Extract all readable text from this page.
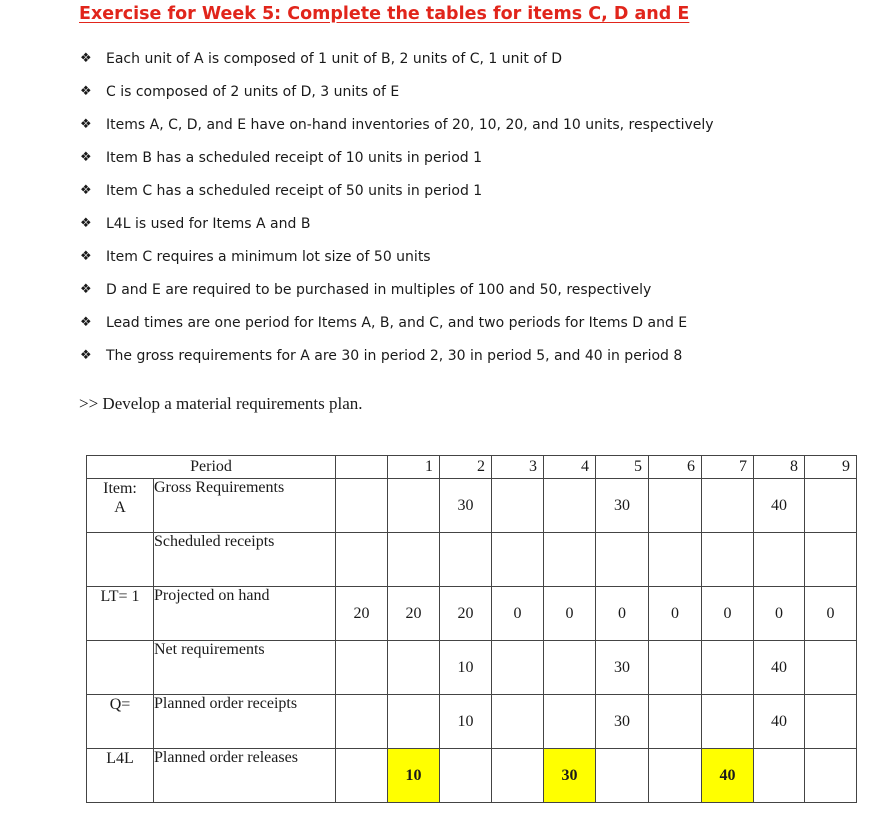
Exercise for Week 5: Complete the tables for items C, D and E
❖	Each unit of A is composed of 1 unit of B, 2 units of C, 1 unit of D
❖	C is composed of 2 units of D, 3 units of E
❖	Items A, C, D, and E have on-hand inventories of 20, 10, 20, and 10 units, respectively
❖	Item B has a scheduled receipt of 10 units in period 1
❖	Item C has a scheduled receipt of 50 units in period 1
❖	L4L is used for Items A and B
❖	Item C requires a minimum lot size of 50 units
❖	D and E are required to be purchased in multiples of 100 and 50, respectively
❖	Lead times are one period for Items A, B, and C, and two periods for Items D and E
❖	The gross requirements for A are 30 in period 2, 30 in period 5, and 40 in period 8
>> Develop a material requirements plan.
Period			1	2	3	4	5	6	7	8	9

Item:
A	Gross Requirements			30			30			40	
	Scheduled receipts										
LT= 1	Projected on hand	20	20	20	0	0	0	0	0	0	0
	Net requirements			10			30			40	
Q=	Planned order receipts			10			30			40	
L4L	Planned order releases		10			30			40		
